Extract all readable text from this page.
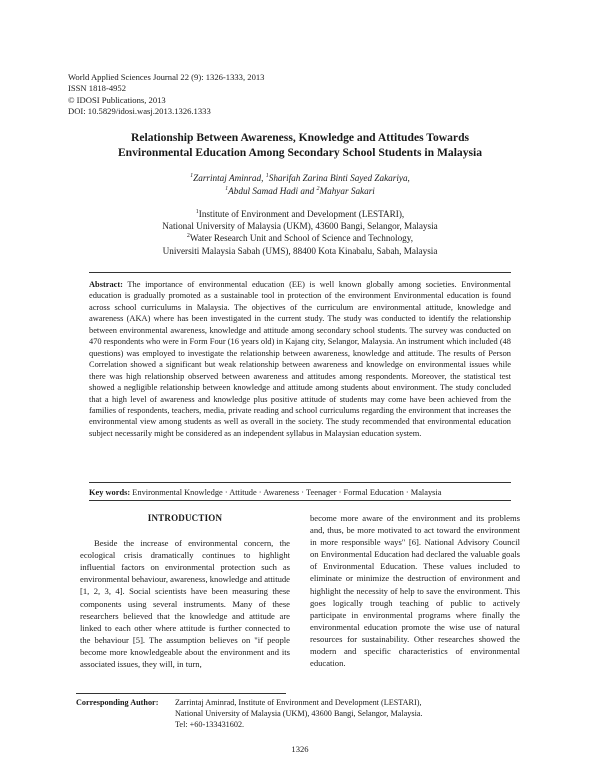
World Applied Sciences Journal 22 (9): 1326-1333, 2013
ISSN 1818-4952
© IDOSI Publications, 2013
DOI: 10.5829/idosi.wasj.2013.1326.1333
Relationship Between Awareness, Knowledge and Attitudes Towards
Environmental Education Among Secondary School Students in Malaysia
$^1$Zarrintaj Aminrad, $^1$Sharifah Zarina Binti Sayed Zakariya,
$^1$Abdul Samad Hadi and $^2$Mahyar Sakari
$^1$Institute of Environment and Development (LESTARI),
National University of Malaysia (UKM), 43600 Bangi, Selangor, Malaysia
$^2$Water Research Unit and School of Science and Technology,
Universiti Malaysia Sabah (UMS), 88400 Kota Kinabalu, Sabah, Malaysia
Abstract: The importance of environmental education (EE) is well known globally among societies. Environmental education is gradually promoted as a sustainable tool in protection of the environment Environmental education is found across school curriculums in Malaysia. The objectives of the curriculum are environmental attitude, knowledge and awareness (AKA) where has been investigated in the current study. The study was conducted to identify the relationship between environmental awareness, knowledge and attitude among secondary school students. The survey was conducted on 470 respondents who were in Form Four (16 years old) in Kajang city, Selangor, Malaysia. An instrument which included (48 questions) was employed to investigate the relationship between awareness, knowledge and attitude. The results of Person Correlation showed a significant but weak relationship between awareness and knowledge on environmental issues while there was high relationship observed between awareness and attitudes among respondents. Moreover, the statistical test showed a negligible relationship between knowledge and attitude among students about environment. The study concluded that a high level of awareness and knowledge plus positive attitude of students may come have been achieved from the families of respondents, teachers, media, private reading and school curriculums regarding the environment that increases the environmental view among students as well as overall in the society. The study recommended that environmental education subject necessarily might be considered as an independent syllabus in Malaysian education system.
Key words: Environmental Knowledge · Attitude · Awareness · Teenager · Formal Education · Malaysia
INTRODUCTION

Beside the increase of environmental concern, the ecological crisis dramatically continues to highlight influential factors on environmental protection such as environmental behaviour, awareness, knowledge and attitude [1, 2, 3, 4]. Social scientists have been measuring these components using several instruments. Many of these researchers believed that the knowledge and attitude are linked to each other where attitude is further connected to the behaviour [5]. The assumption believes on "if people become more knowledgeable about the environment and its associated issues, they will, in turn,

become more aware of the environment and its problems and, thus, be more motivated to act toward the environment in more responsible ways" [6]. National Advisory Council on Environmental Education had declared the valuable goals of Environmental Education. These values included to eliminate or minimize the destruction of environment and highlight the necessity of help to save the environment. This goes logically trough teaching of public to actively participate in environmental programs where finally the environmental education promote the wise use of natural resources for sustainability. Other researches showed the modern and specific characteristics of environmental education.

Corresponding Author: Zarrintaj Aminrad, Institute of Environment and Development (LESTARI),
National University of Malaysia (UKM), 43600 Bangi, Selangor, Malaysia.
Tel: +60-133431602.
1326
